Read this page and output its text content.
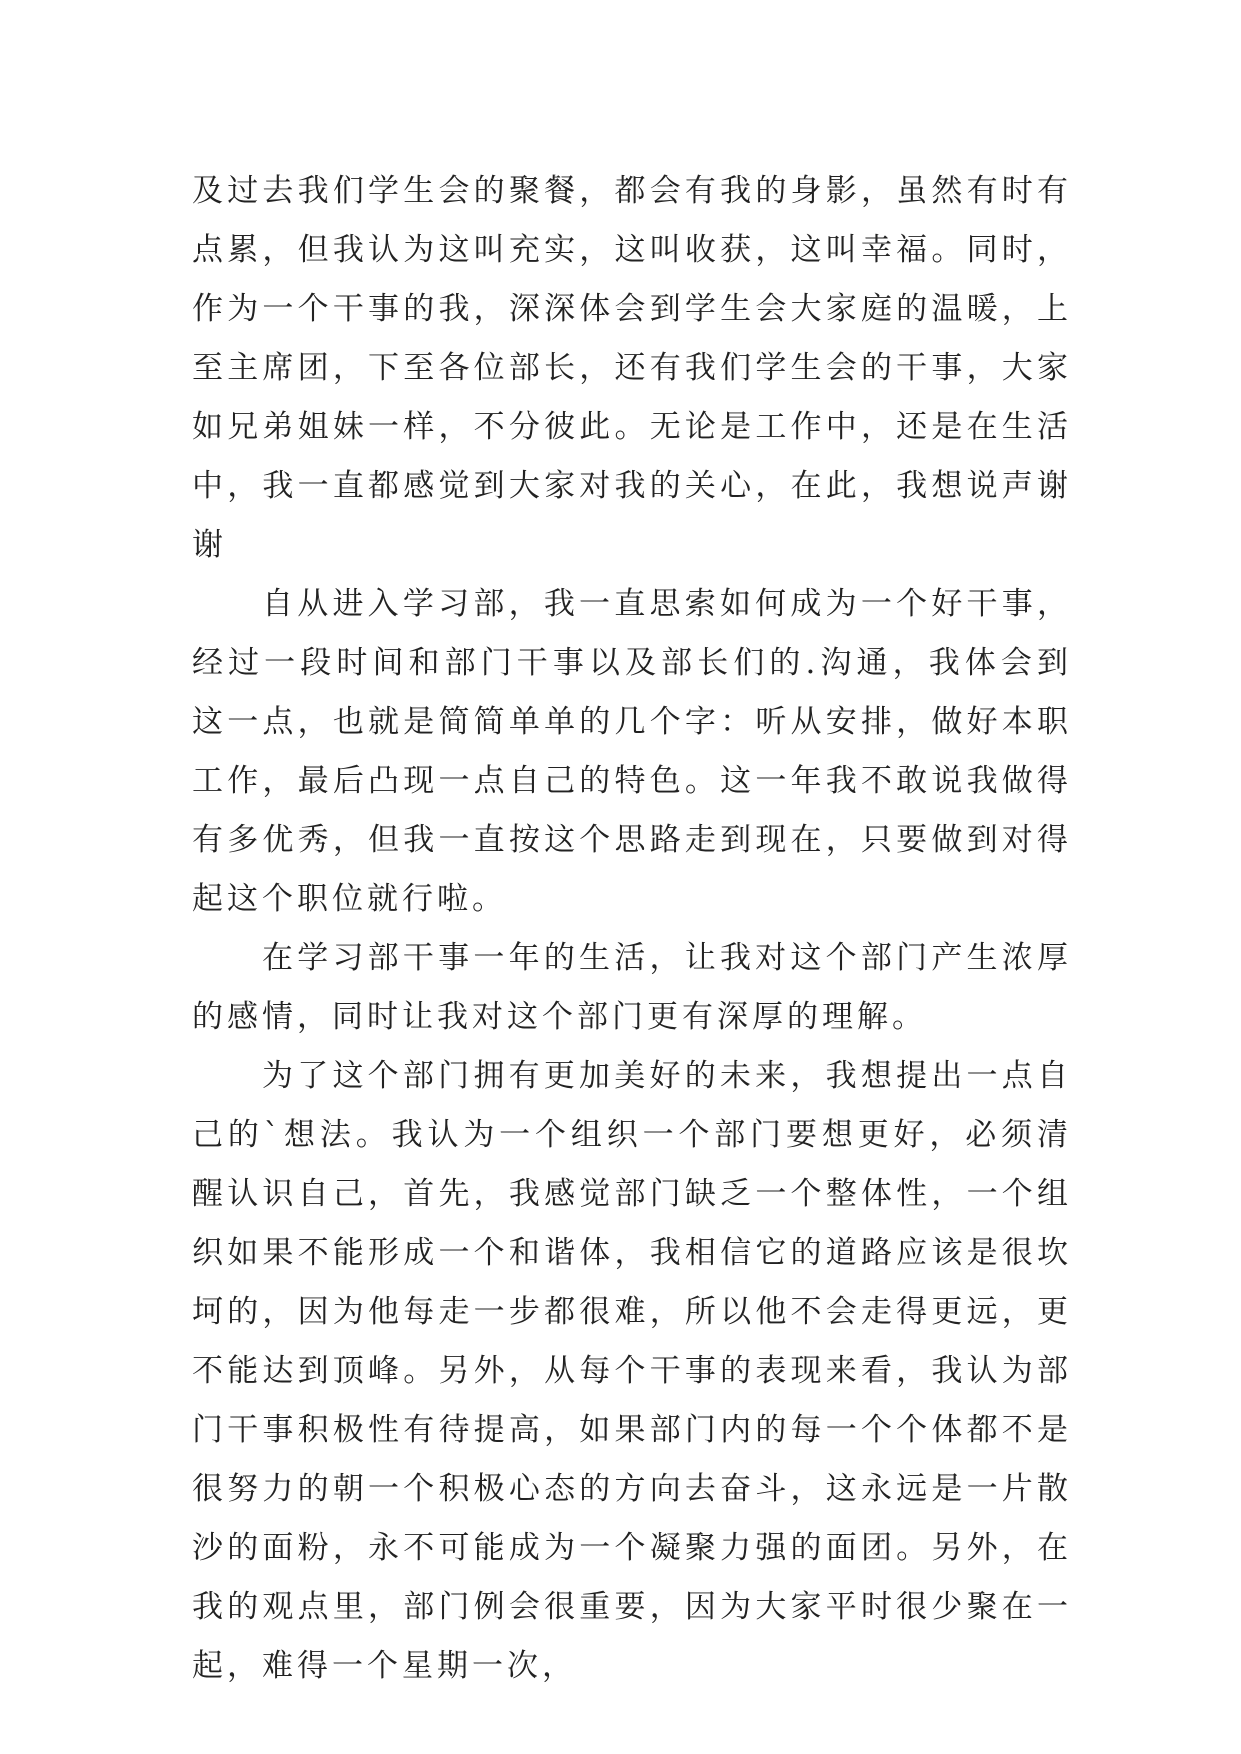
及过去我们学生会的聚餐，都会有我的身影，虽然有时有点累，但我认为这叫充实，这叫收获，这叫幸福。同时，作为一个干事的我，深深体会到学生会大家庭的温暖，上至主席团，下至各位部长，还有我们学生会的干事，大家如兄弟姐妹一样，不分彼此。无论是工作中，还是在生活中，我一直都感觉到大家对我的关心，在此，我想说声谢谢

自从进入学习部，我一直思索如何成为一个好干事，经过一段时间和部门干事以及部长们的.沟通，我体会到这一点，也就是简简单单的几个字：听从安排，做好本职工作，最后凸现一点自己的特色。这一年我不敢说我做得有多优秀，但我一直按这个思路走到现在，只要做到对得起这个职位就行啦。

在学习部干事一年的生活，让我对这个部门产生浓厚的感情，同时让我对这个部门更有深厚的理解。

为了这个部门拥有更加美好的未来，我想提出一点自己的`想法。我认为一个组织一个部门要想更好，必须清醒认识自己，首先，我感觉部门缺乏一个整体性，一个组织如果不能形成一个和谐体，我相信它的道路应该是很坎坷的，因为他每走一步都很难，所以他不会走得更远，更不能达到顶峰。另外，从每个干事的表现来看，我认为部门干事积极性有待提高，如果部门内的每一个个体都不是很努力的朝一个积极心态的方向去奋斗，这永远是一片散沙的面粉，永不可能成为一个凝聚力强的面团。另外，在我的观点里，部门例会很重要，因为大家平时很少聚在一起，难得一个星期一次，
